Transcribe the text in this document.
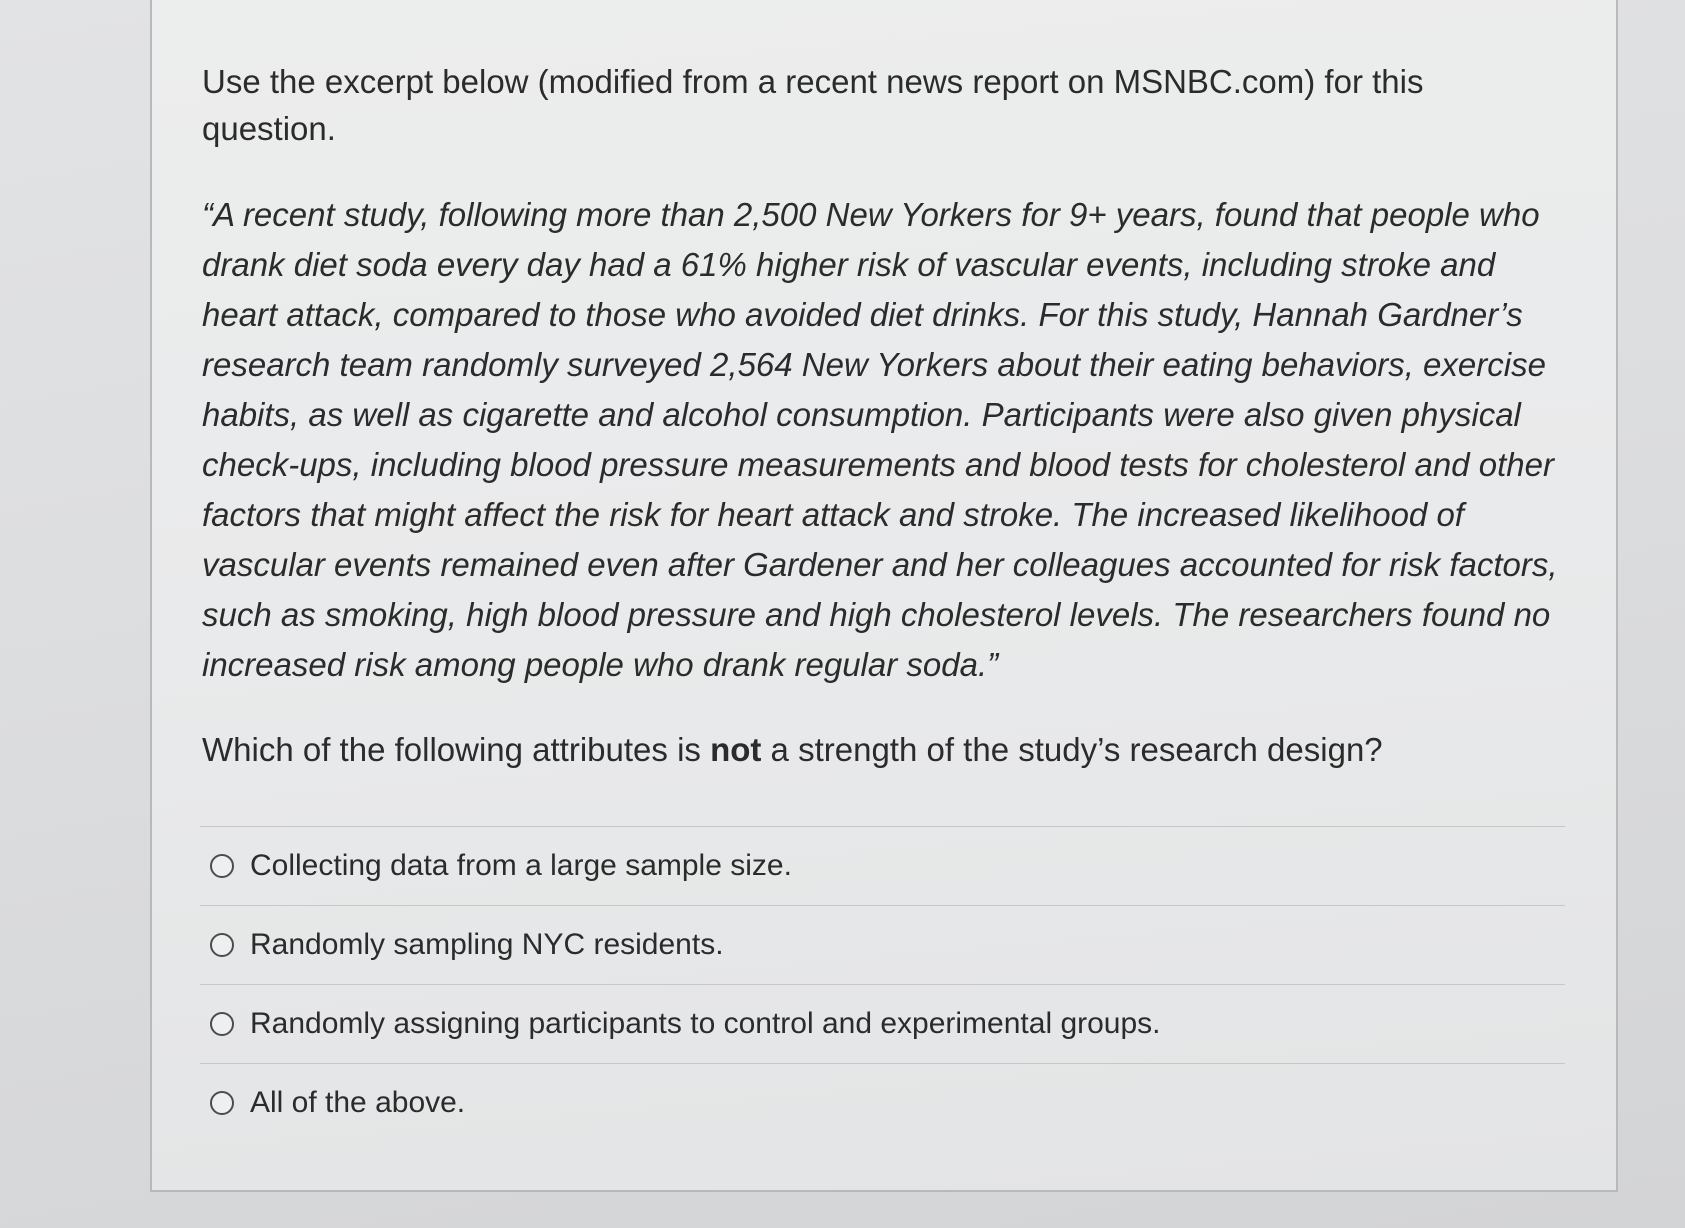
Use the excerpt below (modified from a recent news report on MSNBC.com) for this question.

“A recent study, following more than 2,500 New Yorkers for 9+ years, found that people who drank diet soda every day had a 61% higher risk of vascular events, including stroke and heart attack, compared to those who avoided diet drinks. For this study, Hannah Gardner’s research team randomly surveyed 2,564 New Yorkers about their eating behaviors, exercise habits, as well as cigarette and alcohol consumption. Participants were also given physical check-ups, including blood pressure measurements and blood tests for cholesterol and other factors that might affect the risk for heart attack and stroke. The increased likelihood of vascular events remained even after Gardener and her colleagues accounted for risk factors, such as smoking, high blood pressure and high cholesterol levels. The researchers found no increased risk among people who drank regular soda.”

Which of the following attributes is not a strength of the study’s research design?

Collecting data from a large sample size.
Randomly sampling NYC residents.
Randomly assigning participants to control and experimental groups.
All of the above.
